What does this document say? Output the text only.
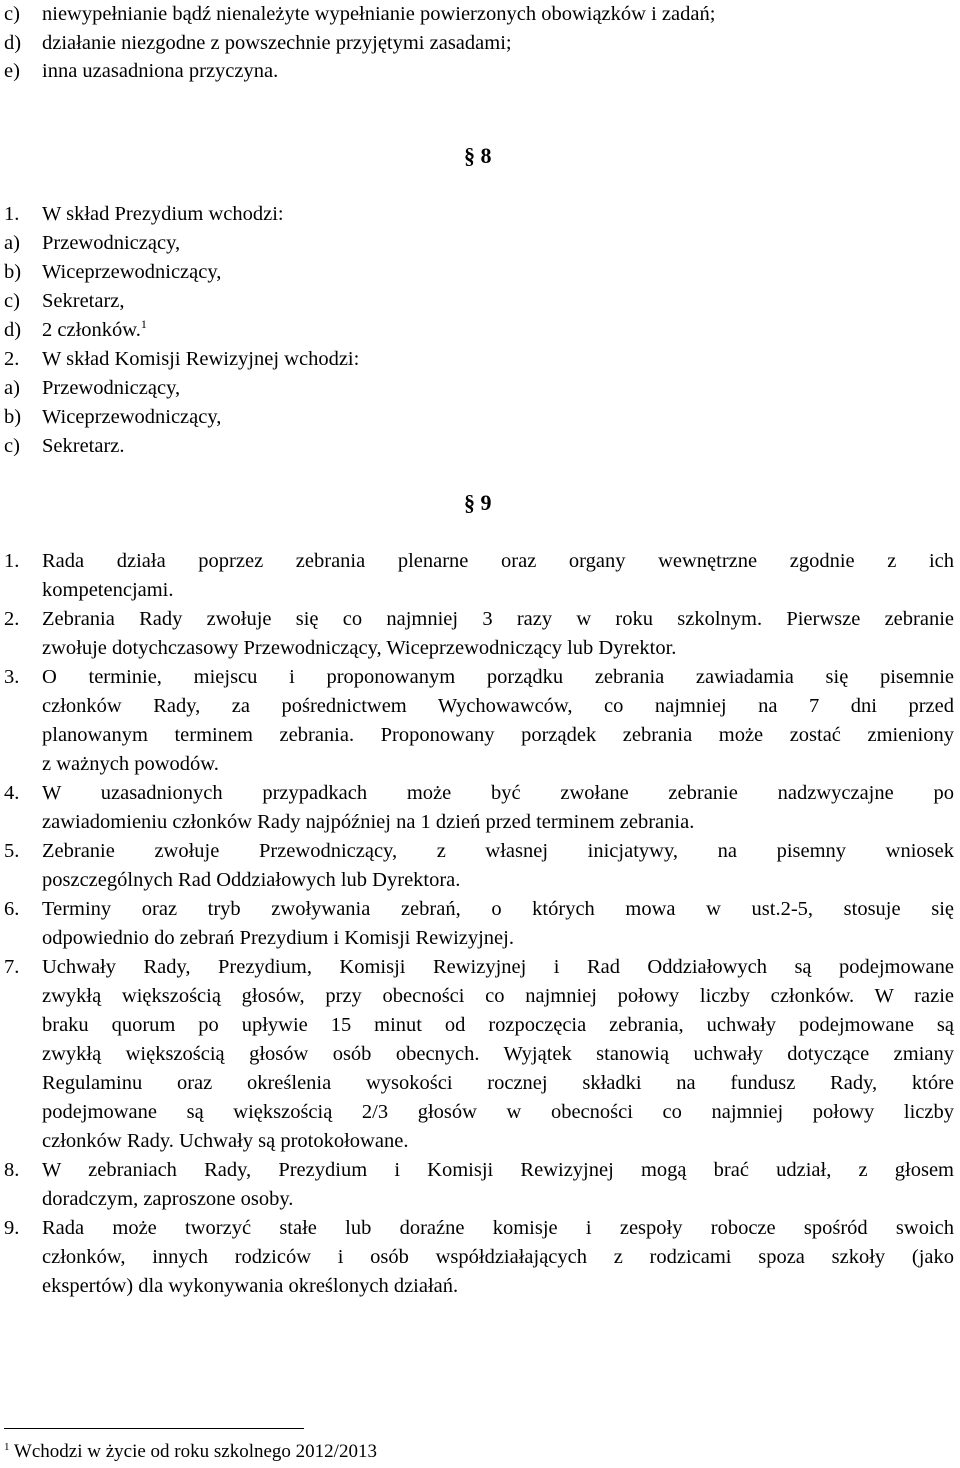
c) niewypełnianie bądź nienależyte wypełnianie powierzonych obowiązków i zadań;
d) działanie niezgodne z powszechnie przyjętymi zasadami;
e) inna uzasadniona przyczyna.
§ 8
1. W skład Prezydium wchodzi:
a) Przewodniczący,
b) Wiceprzewodniczący,
c) Sekretarz,
d) 2 członków.$^1$
2. W skład Komisji Rewizyjnej wchodzi:
a) Przewodniczący,
b) Wiceprzewodniczący,
c) Sekretarz.
§ 9
1.	Rada działa poprzez zebrania plenarne oraz organy wewnętrzne zgodnie z ich
kompetencjami.
2.	Zebrania Rady zwołuje się co najmniej 3 razy w roku szkolnym. Pierwsze zebranie
zwołuje dotychczasowy Przewodniczący, Wiceprzewodniczący lub Dyrektor.
3.	O terminie, miejscu i proponowanym porządku zebrania zawiadamia się pisemnie
członków Rady, za pośrednictwem Wychowawców, co najmniej na 7 dni przed
planowanym terminem zebrania. Proponowany porządek zebrania może zostać zmieniony
z ważnych powodów.
4.	W uzasadnionych przypadkach może być zwołane zebranie nadzwyczajne po
zawiadomieniu członków Rady najpóźniej na 1 dzień przed terminem zebrania.
5.	Zebranie zwołuje Przewodniczący, z własnej inicjatywy, na pisemny wniosek
poszczególnych Rad Oddziałowych lub Dyrektora.
6.	Terminy oraz tryb zwoływania zebrań, o których mowa w ust.2-5, stosuje się
odpowiednio do zebrań Prezydium i Komisji Rewizyjnej.
7.	Uchwały Rady, Prezydium, Komisji Rewizyjnej i Rad Oddziałowych są podejmowane
zwykłą większością głosów, przy obecności co najmniej połowy liczby członków. W razie
braku quorum po upływie 15 minut od rozpoczęcia zebrania, uchwały podejmowane są
zwykłą większością głosów osób obecnych. Wyjątek stanowią uchwały dotyczące zmiany
Regulaminu oraz określenia wysokości rocznej składki na fundusz Rady, które
podejmowane są większością 2/3 głosów w obecności co najmniej połowy liczby
członków Rady. Uchwały są protokołowane.
8.	W zebraniach Rady, Prezydium i Komisji Rewizyjnej mogą brać udział, z głosem
doradczym, zaproszone osoby.
9.	Rada może tworzyć stałe lub doraźne komisje i zespoły robocze spośród swoich
członków, innych rodziców i osób współdziałających z rodzicami spoza szkoły (jako
ekspertów) dla wykonywania określonych działań.
$^1$ Wchodzi w życie od roku szkolnego 2012/2013
